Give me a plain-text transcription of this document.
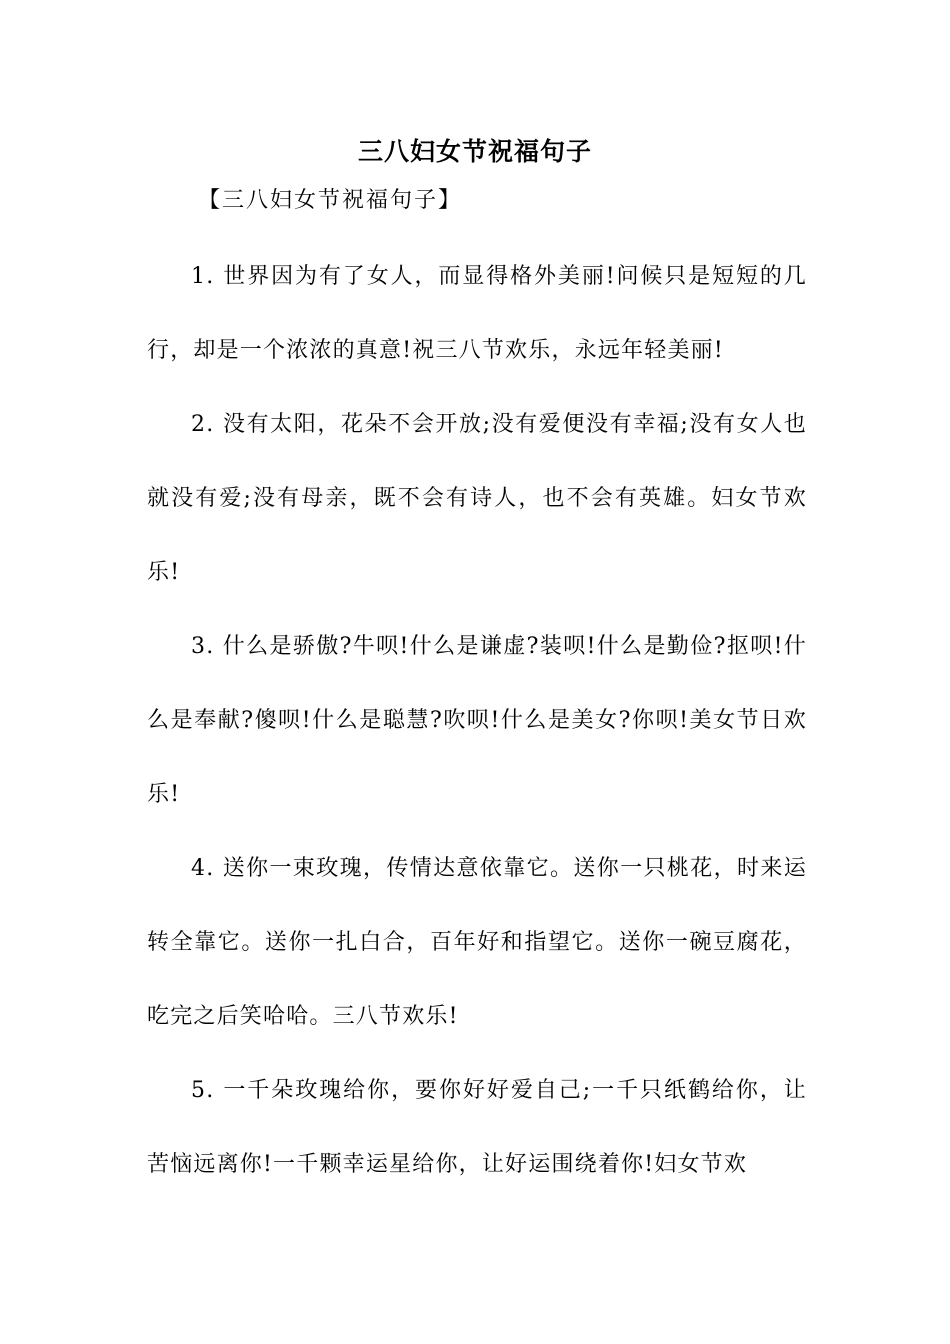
三八妇女节祝福句子
【三八妇女节祝福句子】
1. 世界因为有了女人，而显得格外美丽!问候只是短短的几行，却是一个浓浓的真意!祝三八节欢乐，永远年轻美丽!
2. 没有太阳，花朵不会开放;没有爱便没有幸福;没有女人也就没有爱;没有母亲，既不会有诗人，也不会有英雄。妇女节欢乐!
3. 什么是骄傲?牛呗!什么是谦虚?装呗!什么是勤俭?抠呗!什么是奉献?傻呗!什么是聪慧?吹呗!什么是美女?你呗!美女节日欢乐!
4. 送你一束玫瑰，传情达意依靠它。送你一只桃花，时来运转全靠它。送你一扎白合，百年好和指望它。送你一碗豆腐花，吃完之后笑哈哈。三八节欢乐!
5. 一千朵玫瑰给你，要你好好爱自己;一千只纸鹤给你，让苦恼远离你!一千颗幸运星给你，让好运围绕着你!妇女节欢
